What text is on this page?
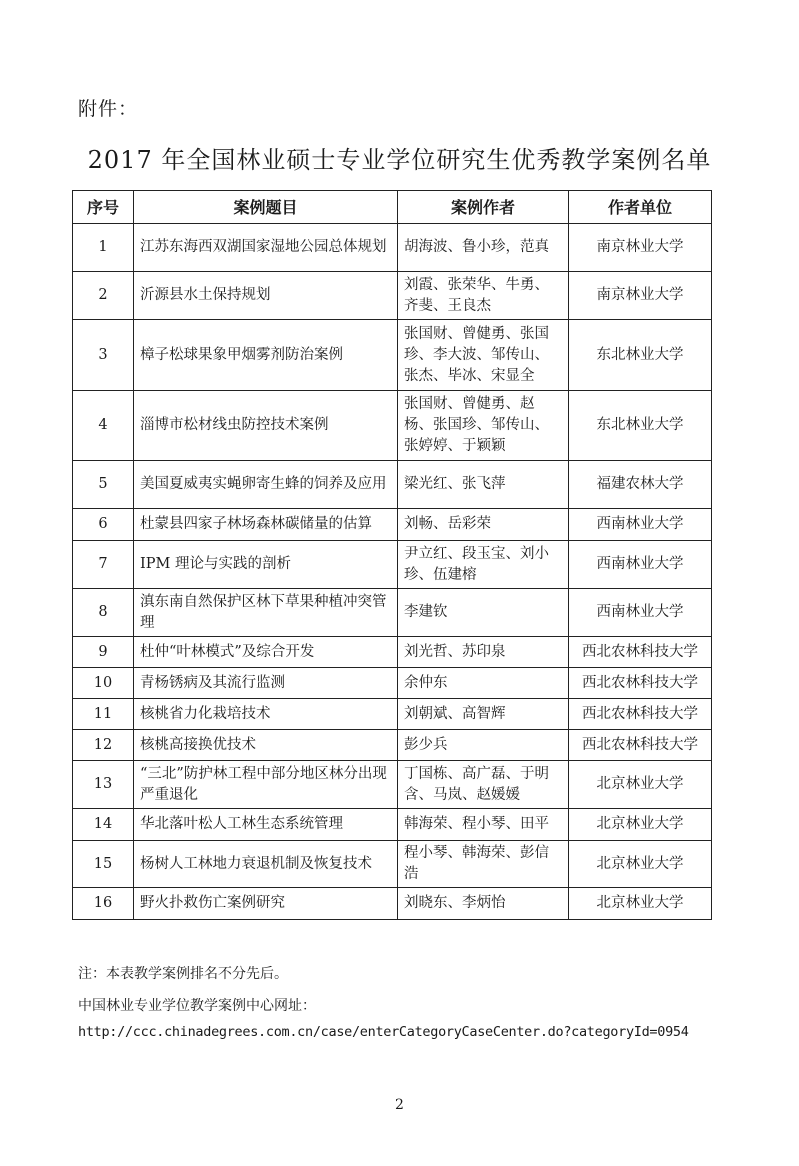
附件：
2017 年全国林业硕士专业学位研究生优秀教学案例名单
序号	案例题目	案例作者	作者单位
1	江苏东海西双湖国家湿地公园总体规划	胡海波、鲁小珍，范真	南京林业大学
2	沂源县水土保持规划	刘霞、张荣华、牛勇、齐斐、王良杰	南京林业大学
3	樟子松球果象甲烟雾剂防治案例	张国财、曾健勇、张国珍、李大波、邹传山、张杰、毕冰、宋显全	东北林业大学
4	淄博市松材线虫防控技术案例	张国财、曾健勇、赵杨、张国珍、邹传山、张婷婷、于颖颖	东北林业大学
5	美国夏威夷实蝇卵寄生蜂的饲养及应用	梁光红、张飞萍	福建农林大学
6	杜蒙县四家子林场森林碳储量的估算	刘畅、岳彩荣	西南林业大学
7	IPM 理论与实践的剖析	尹立红、段玉宝、刘小珍、伍建榕	西南林业大学
8	滇东南自然保护区林下草果种植冲突管理	李建钦	西南林业大学
9	杜仲“叶林模式”及综合开发	刘光哲、苏印泉	西北农林科技大学
10	青杨锈病及其流行监测	余仲东	西北农林科技大学
11	核桃省力化栽培技术	刘朝斌、高智辉	西北农林科技大学
12	核桃高接换优技术	彭少兵	西北农林科技大学
13	“三北”防护林工程中部分地区林分出现严重退化	丁国栋、高广磊、于明含、马岚、赵媛媛	北京林业大学
14	华北落叶松人工林生态系统管理	韩海荣、程小琴、田平	北京林业大学
15	杨树人工林地力衰退机制及恢复技术	程小琴、韩海荣、彭信浩	北京林业大学
16	野火扑救伤亡案例研究	刘晓东、李炳怡	北京林业大学
注：本表教学案例排名不分先后。
中国林业专业学位教学案例中心网址：
http://ccc.chinadegrees.com.cn/case/enterCategoryCaseCenter.do?categoryId=0954
2
